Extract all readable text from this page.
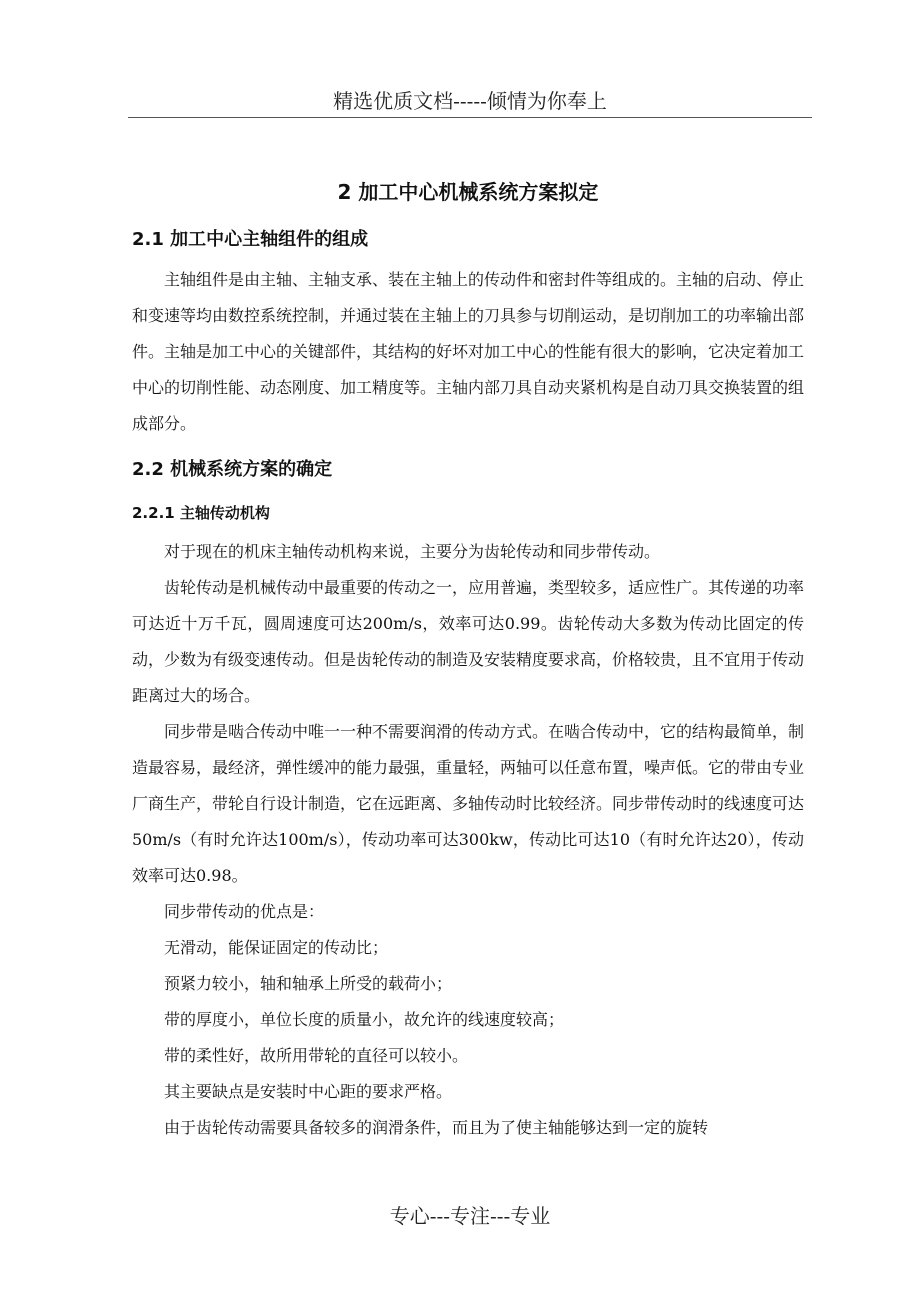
精选优质文档-----倾情为你奉上
2 加工中心机械系统方案拟定
2.1 加工中心主轴组件的组成

主轴组件是由主轴、主轴支承、装在主轴上的传动件和密封件等组成的。主轴的启动、停止和变速等均由数控系统控制，并通过装在主轴上的刀具参与切削运动，是切削加工的功率输出部件。主轴是加工中心的关键部件，其结构的好坏对加工中心的性能有很大的影响，它决定着加工中心的切削性能、动态刚度、加工精度等。主轴内部刀具自动夹紧机构是自动刀具交换装置的组成部分。

2.2 机械系统方案的确定
2.2.1 主轴传动机构

对于现在的机床主轴传动机构来说，主要分为齿轮传动和同步带传动。

齿轮传动是机械传动中最重要的传动之一，应用普遍，类型较多，适应性广。其传递的功率可达近十万千瓦，圆周速度可达200m/s，效率可达0.99。齿轮传动大多数为传动比固定的传动，少数为有级变速传动。但是齿轮传动的制造及安装精度要求高，价格较贵，且不宜用于传动距离过大的场合。

同步带是啮合传动中唯一一种不需要润滑的传动方式。在啮合传动中，它的结构最简单，制造最容易，最经济，弹性缓冲的能力最强，重量轻，两轴可以任意布置，噪声低。它的带由专业厂商生产，带轮自行设计制造，它在远距离、多轴传动时比较经济。同步带传动时的线速度可达50m/s（有时允许达100m/s），传动功率可达300kw，传动比可达10（有时允许达20），传动效率可达0.98。

同步带传动的优点是：

无滑动，能保证固定的传动比；

预紧力较小，轴和轴承上所受的载荷小；

带的厚度小，单位长度的质量小，故允许的线速度较高；

带的柔性好，故所用带轮的直径可以较小。

其主要缺点是安装时中心距的要求严格。

由于齿轮传动需要具备较多的润滑条件，而且为了使主轴能够达到一定的旋转

专心---专注---专业
